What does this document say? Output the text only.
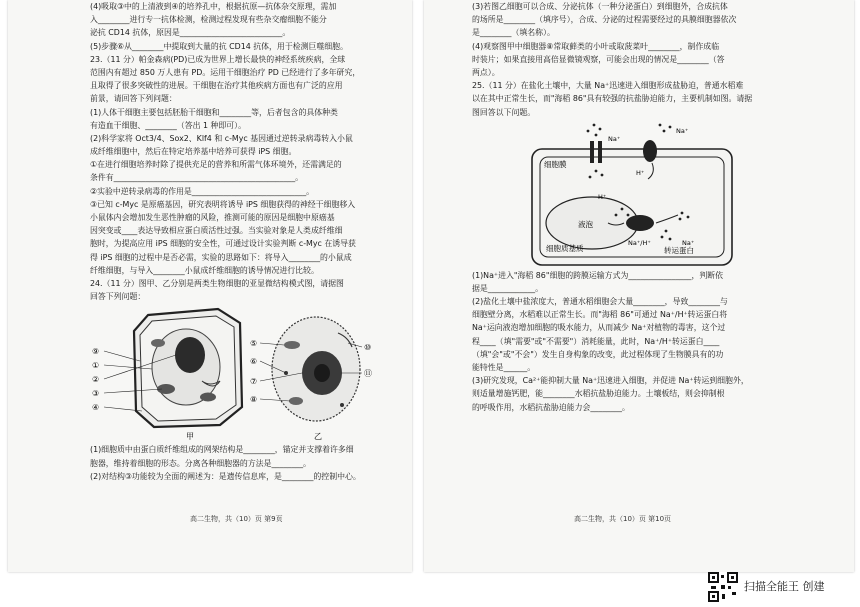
(4)吸取③中的上清液到④的培养孔中，根据抗原—抗体杂交原理，需加
入________进行专一抗体检测，检测过程发现有些杂交瘤细胞不能分
泌抗 CD14 抗体，原因是__________________________。
(5)步骤⑥从________中提取到大量的抗 CD14 抗体，用于检测巨噬细胞。
23.（11 分）帕金森病(PD)已成为世界上增长最快的神经系统疾病，全球
范围内有超过 850 万人患有 PD。运用干细胞治疗 PD 已经进行了多年研究，
且取得了很多突破性的进展。干细胞在治疗其他疾病方面也有广泛的应用
前景，请回答下列问题：
(1)人体干细胞主要包括胚胎干细胞和________等，后者包含的具体种类
有造血干细胞、________（答出 1 种即可）。
(2)科学家将 Oct3/4、Sox2、Klf4 和 c-Myc 基因通过逆转录病毒转入小鼠
成纤维细胞中，然后在特定培养基中培养可获得 iPS 细胞。
①在进行细胞培养时除了提供充足的营养和所需气体环境外，还需满足的
条件有______________________________________________。
②实验中逆转录病毒的作用是_____________________________。
③已知 c-Myc 是原癌基因，研究表明将诱导 iPS 细胞获得的神经干细胞移入
小鼠体内会增加发生恶性肿瘤的风险，推测可能的原因是细胞中原癌基
因突变或____表达导致相应蛋白质活性过强。当实验对象是人类成纤维细
胞时，为提高应用 iPS 细胞的安全性，可通过设计实验判断 c-Myc 在诱导获
得 iPS 细胞的过程中是否必需，实验的思路如下：将导入________的小鼠成
纤维细胞，与导入________小鼠成纤维细胞的诱导情况进行比较。
24.（11 分）图甲、乙分别是两类生物细胞的亚显微结构模式图，请据图
回答下列问题：
⑨
①
②
③
④
甲
⑤
⑥
⑦
⑧
⑩
⑪
乙
(1)细胞质中由蛋白质纤维组成的网架结构是________，锚定并支撑着许多细
胞器，维持着细胞的形态。分离各种细胞器的方法是________。
(2)对结构③功能较为全面的阐述为：是遗传信息库，是________的控制中心。
高二生物，共（10）页 第9页
(3)若图乙细胞可以合成、分泌抗体（一种分泌蛋白）到细胞外，合成抗体
的场所是________（填序号），合成、分泌的过程需要经过的具膜细胞器依次
是________（填名称）。
(4)观察图甲中细胞器⑧常取藓类的小叶或取菠菜叶________，制作成临
时装片；如果直接用高倍显微镜观察，可能会出现的情况是________（答
两点）。
25.（11 分）在盐化土壤中，大量 Na⁺迅速进入细胞形成盐胁迫，普通水稻难
以在其中正常生长，而"海稻 86"具有较强的抗盐胁迫能力，主要机制如图。请据
图回答以下问题。
细胞膜
液泡
细胞质基质	转运蛋白
Na⁺
Na⁺
H⁺
H⁺
Na⁺/H⁺	Na⁺
(1)Na⁺进入"海稻 86"细胞的跨膜运输方式为________________，判断依
据是____________。
(2)盐化土壤中盐浓度大，普通水稻细胞会大量________，导致________与
细胞壁分离，水稻难以正常生长。而"海稻 86"可通过 Na⁺/H⁺转运蛋白将
Na⁺运向液泡增加细胞的吸水能力，从而减少 Na⁺对植物的毒害，这个过
程____（填"需要"或"不需要"）消耗能量，此时，Na⁺/H⁺转运蛋白____
（填"会"或"不会"）发生自身构象的改变，此过程体现了生物膜具有的功
能特性是______。
(3)研究发现，Ca²⁺能抑制大量 Na⁺迅速进入细胞，并促进 Na⁺转运到细胞外，
则适量增施钙肥，能________水稻抗盐胁迫能力。土壤板结，则会抑制根
的呼吸作用，水稻抗盐胁迫能力会________。
高二生物，共（10）页 第10页
扫描全能王 创建
